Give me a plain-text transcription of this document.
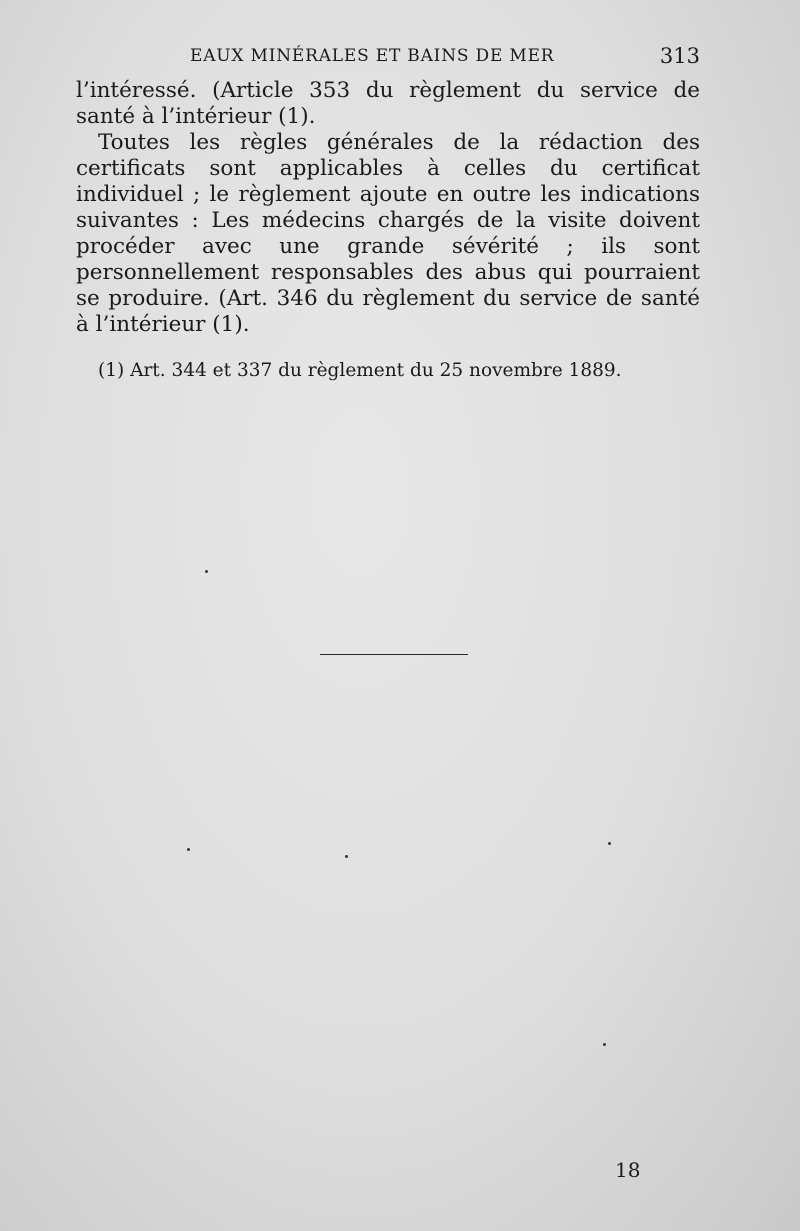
EAUX MINÉRALES ET BAINS DE MER	313

l’intéressé. (Article 353 du règlement du service de santé à l’intérieur (1).

Toutes les règles générales de la rédaction des certificats sont applicables à celles du certificat individuel ; le règlement ajoute en outre les indications suivantes : Les médecins chargés de la visite doivent procéder avec une grande sévérité ; ils sont personnellement responsables des abus qui pourraient se produire. (Art. 346 du règlement du service de santé à l’intérieur (1).

(1) Art. 344 et 337 du règlement du 25 novembre 1889.
18
